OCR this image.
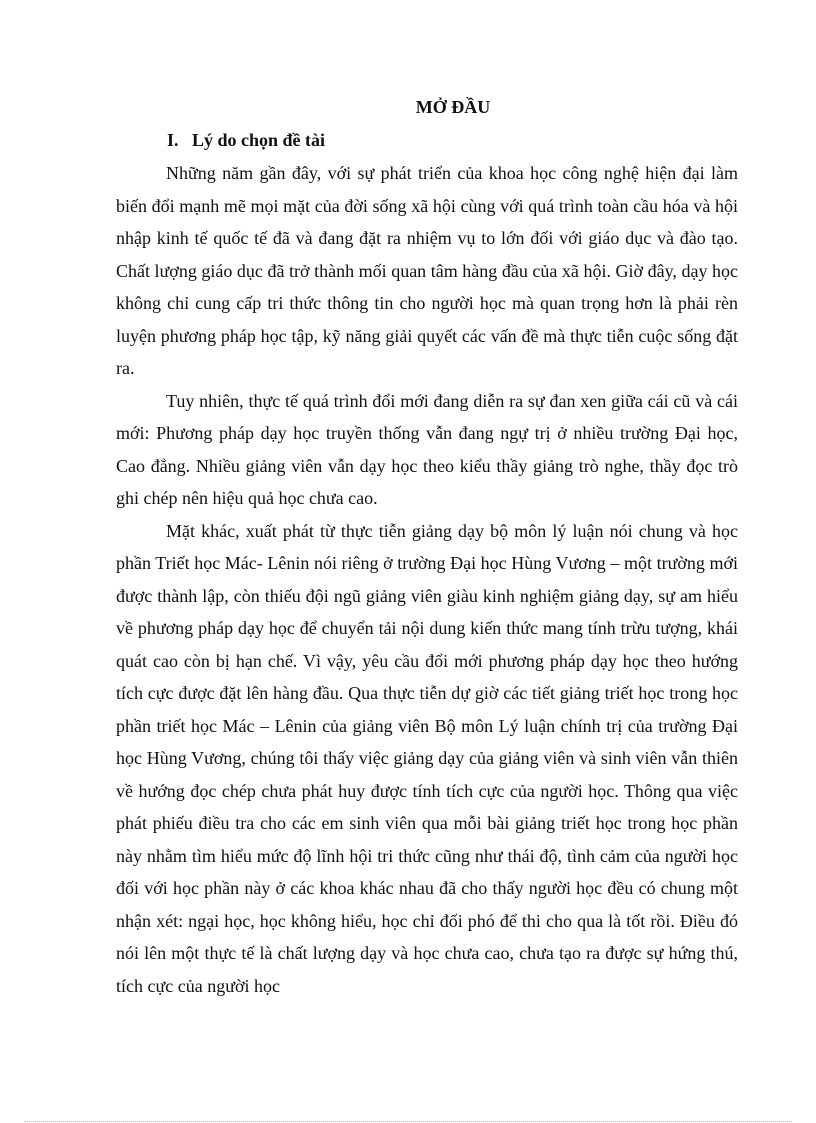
MỞ ĐẦU
I. Lý do chọn đề tài

Những năm gần đây, với sự phát triển của khoa học công nghệ hiện đại làm biến đổi mạnh mẽ mọi mặt của đời sống xã hội cùng với quá trình toàn cầu hóa và hội nhập kinh tế quốc tế đã và đang đặt ra nhiệm vụ to lớn đối với giáo dục và đào tạo. Chất lượng giáo dục đã trở thành mối quan tâm hàng đầu của xã hội. Giờ đây, dạy học không chỉ cung cấp tri thức thông tin cho người học mà quan trọng hơn là phải rèn luyện phương pháp học tập, kỹ năng giải quyết các vấn đề mà thực tiễn cuộc sống đặt ra.

Tuy nhiên, thực tế quá trình đổi mới đang diễn ra sự đan xen giữa cái cũ và cái mới: Phương pháp dạy học truyền thống vẫn đang ngự trị ở nhiều trường Đại học, Cao đẳng. Nhiều giảng viên vẫn dạy học theo kiểu thầy giảng trò nghe, thầy đọc trò ghi chép nên hiệu quả học chưa cao.

Mặt khác, xuất phát từ thực tiễn giảng dạy bộ môn lý luận nói chung và học phần Triết học Mác- Lênin nói riêng ở trường Đại học Hùng Vương – một trường mới được thành lập, còn thiếu đội ngũ giảng viên giàu kinh nghiệm giảng dạy, sự am hiểu về phương pháp dạy học để chuyển tải nội dung kiến thức mang tính trừu tượng, khái quát cao còn bị hạn chế. Vì vậy, yêu cầu đổi mới phương pháp dạy học theo hướng tích cực được đặt lên hàng đầu. Qua thực tiễn dự giờ các tiết giảng triết học trong học phần triết học Mác – Lênin của giảng viên Bộ môn Lý luận chính trị của trường Đại học Hùng Vương, chúng tôi thấy việc giảng dạy của giảng viên và sinh viên vẫn thiên về hướng đọc chép chưa phát huy được tính tích cực của người học. Thông qua việc phát phiếu điều tra cho các em sinh viên qua mỗi bài giảng triết học trong học phần này nhằm tìm hiểu mức độ lĩnh hội tri thức cũng như thái độ, tình cảm của người học đối với học phần này ở các khoa khác nhau đã cho thấy người học đều có chung một nhận xét: ngại học, học không hiểu, học chỉ đối phó để thi cho qua là tốt rồi. Điều đó nói lên một thực tế là chất lượng dạy và học chưa cao, chưa tạo ra được sự hứng thú, tích cực của người học
